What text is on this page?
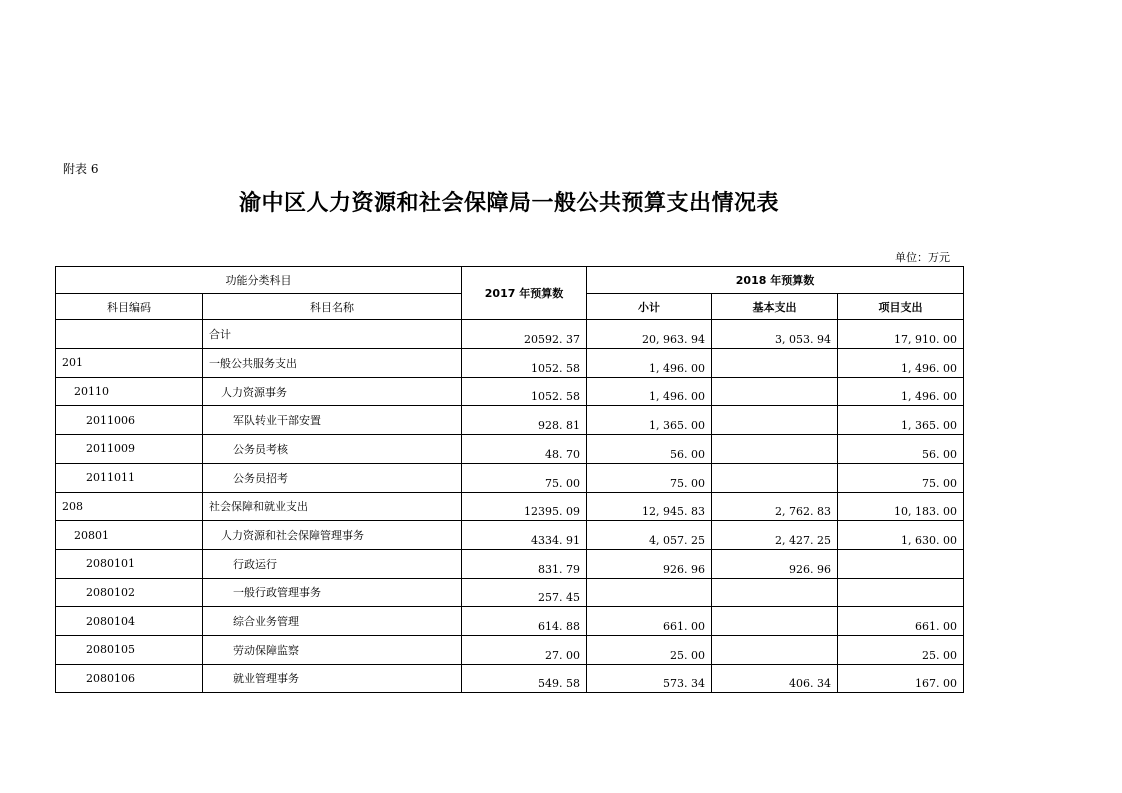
附表 6
渝中区人力资源和社会保障局一般公共预算支出情况表
单位：万元
功能分类科目		2017 年预算数	2018 年预算数		
科目编码	科目名称		小计	基本支出	项目支出
	合计	20592. 37	20, 963. 94	3, 053. 94	17, 910. 00
201	一般公共服务支出	1052. 58	1, 496. 00		1, 496. 00
20110	人力资源事务	1052. 58	1, 496. 00		1, 496. 00
2011006	军队转业干部安置	928. 81	1, 365. 00		1, 365. 00
2011009	公务员考核	48. 70	56. 00		56. 00
2011011	公务员招考	75. 00	75. 00		75. 00
208	社会保障和就业支出	12395. 09	12, 945. 83	2, 762. 83	10, 183. 00
20801	人力资源和社会保障管理事务	4334. 91	4, 057. 25	2, 427. 25	1, 630. 00
2080101	行政运行	831. 79	926. 96	926. 96	
2080102	一般行政管理事务	257. 45			
2080104	综合业务管理	614. 88	661. 00		661. 00
2080105	劳动保障监察	27. 00	25. 00		25. 00
2080106	就业管理事务	549. 58	573. 34	406. 34	167. 00
